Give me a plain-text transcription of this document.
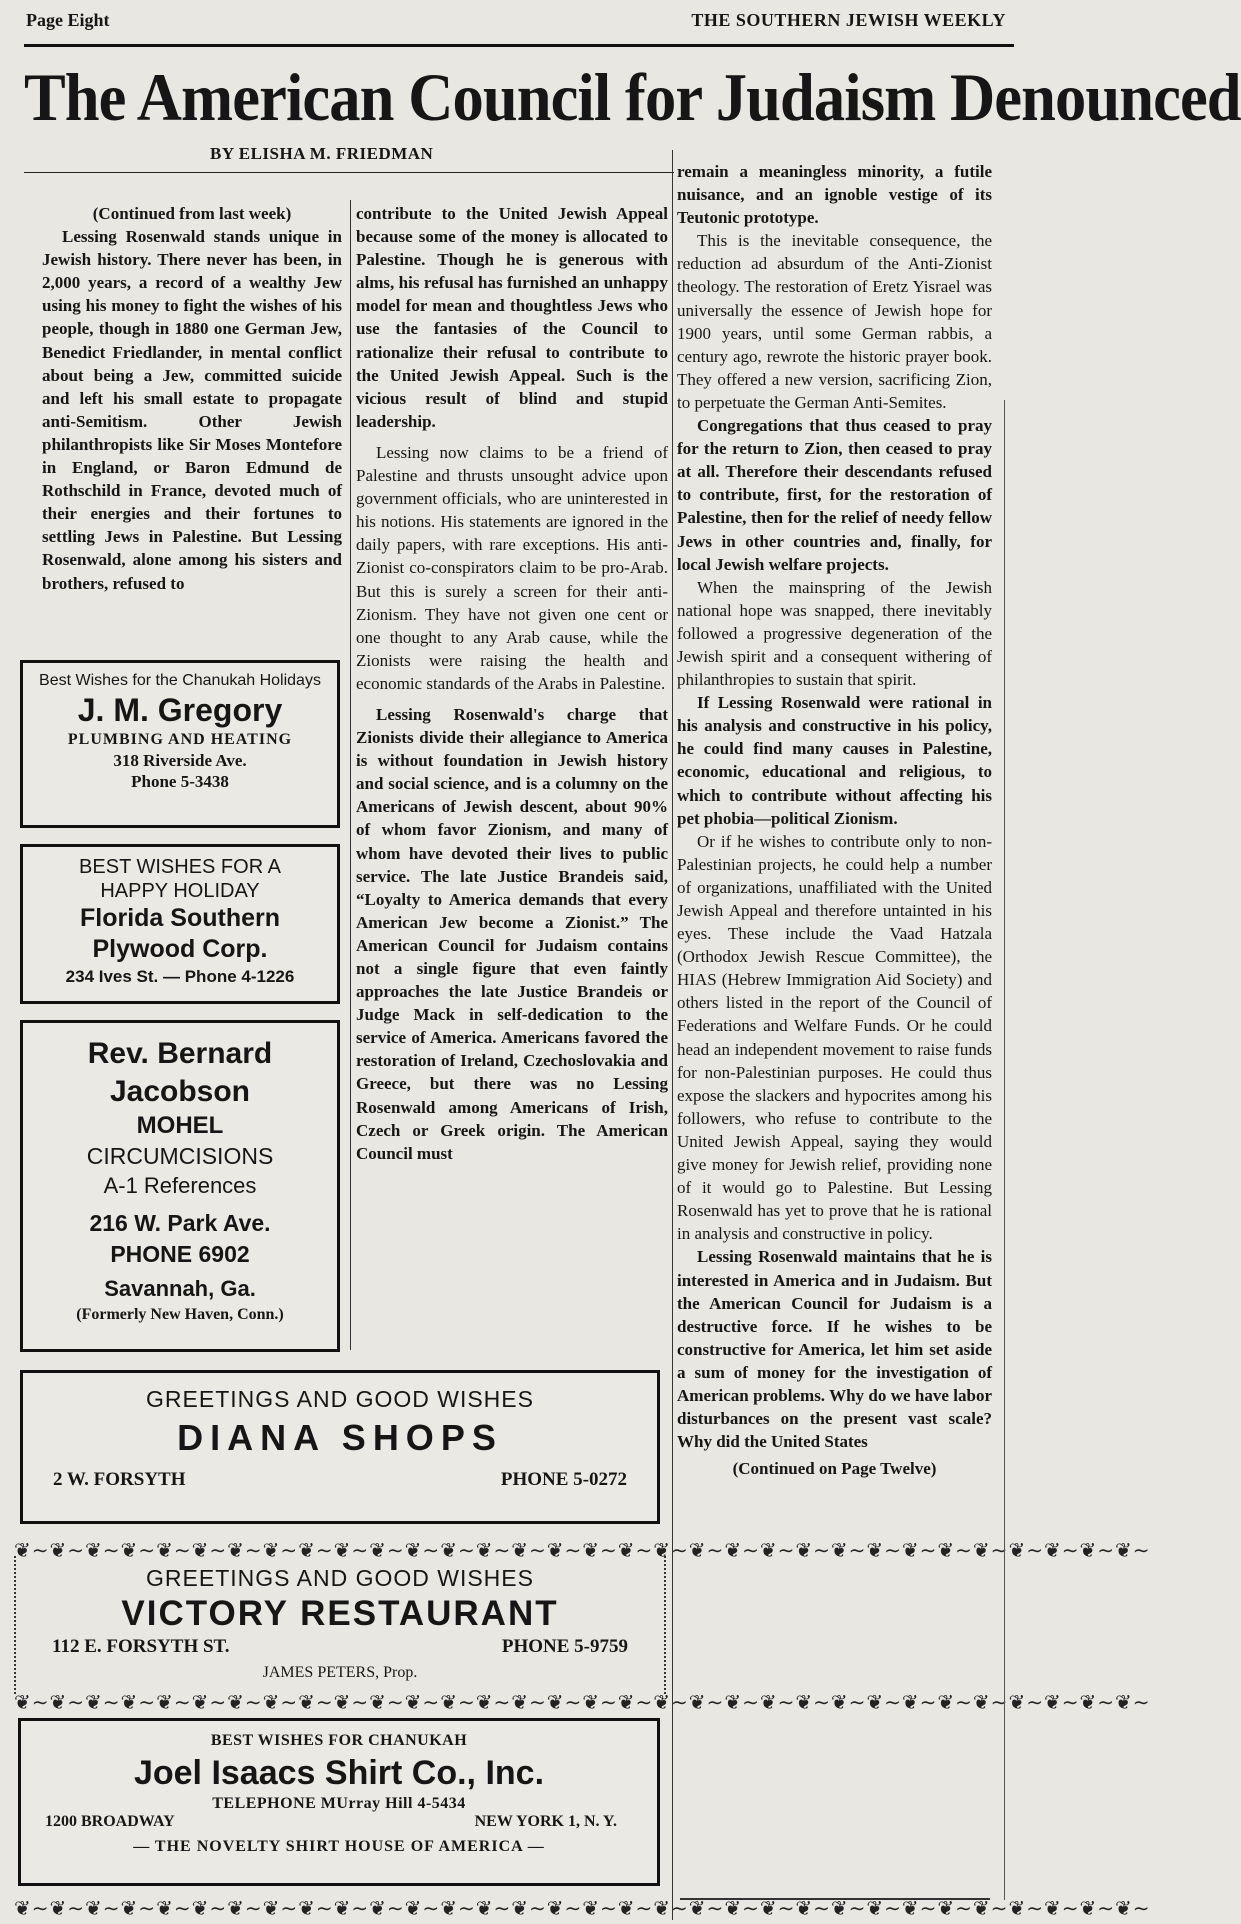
Page Eight	THE SOUTHERN JEWISH WEEKLY
The American Council for Judaism Denounced
BY ELISHA M. FRIEDMAN

(Continued from last week)

Lessing Rosenwald stands unique in Jewish history. There never has been, in 2,000 years, a record of a wealthy Jew using his money to fight the wishes of his people, though in 1880 one German Jew, Benedict Friedlander, in mental conflict about being a Jew, committed suicide and left his small estate to propagate anti-Semitism. Other Jewish philanthropists like Sir Moses Montefore in England, or Baron Edmund de Rothschild in France, devoted much of their energies and their fortunes to settling Jews in Palestine. But Lessing Rosenwald, alone among his sisters and brothers, refused to

contribute to the United Jewish Appeal because some of the money is allocated to Palestine. Though he is generous with alms, his refusal has furnished an unhappy model for mean and thoughtless Jews who use the fantasies of the Council to rationalize their refusal to contribute to the United Jewish Appeal. Such is the vicious result of blind and stupid leadership.

Lessing now claims to be a friend of Palestine and thrusts unsought advice upon government officials, who are uninterested in his notions. His statements are ignored in the daily papers, with rare exceptions. His anti-Zionist co-conspirators claim to be pro-Arab. But this is surely a screen for their anti-Zionism. They have not given one cent or one thought to any Arab cause, while the Zionists were raising the health and economic standards of the Arabs in Palestine.

Lessing Rosenwald's charge that Zionists divide their allegiance to America is without foundation in Jewish history and social science, and is a columny on the Americans of Jewish descent, about 90% of whom favor Zionism, and many of whom have devoted their lives to public service. The late Justice Brandeis said, “Loyalty to America demands that every American Jew become a Zionist.” The American Council for Judaism contains not a single figure that even faintly approaches the late Justice Brandeis or Judge Mack in self-dedication to the service of America. Americans favored the restoration of Ireland, Czechoslovakia and Greece, but there was no Lessing Rosenwald among Americans of Irish, Czech or Greek origin. The American Council must

remain a meaningless minority, a futile nuisance, and an ignoble vestige of its Teutonic prototype.

This is the inevitable consequence, the reduction ad absurdum of the Anti-Zionist theology. The restoration of Eretz Yisrael was universally the essence of Jewish hope for 1900 years, until some German rabbis, a century ago, rewrote the historic prayer book. They offered a new version, sacrificing Zion, to perpetuate the German Anti-Semites.

Congregations that thus ceased to pray for the return to Zion, then ceased to pray at all. Therefore their descendants refused to contribute, first, for the restoration of Palestine, then for the relief of needy fellow Jews in other countries and, finally, for local Jewish welfare projects.

When the mainspring of the Jewish national hope was snapped, there inevitably followed a progressive degeneration of the Jewish spirit and a consequent withering of philanthropies to sustain that spirit.

If Lessing Rosenwald were rational in his analysis and constructive in his policy, he could find many causes in Palestine, economic, educational and religious, to which to contribute without affecting his pet phobia—political Zionism.

Or if he wishes to contribute only to non-Palestinian projects, he could help a number of organizations, unaffiliated with the United Jewish Appeal and therefore untainted in his eyes. These include the Vaad Hatzala (Orthodox Jewish Rescue Committee), the HIAS (Hebrew Immigration Aid Society) and others listed in the report of the Council of Federations and Welfare Funds. Or he could head an independent movement to raise funds for non-Palestinian purposes. He could thus expose the slackers and hypocrites among his followers, who refuse to contribute to the United Jewish Appeal, saying they would give money for Jewish relief, providing none of it would go to Palestine. But Lessing Rosenwald has yet to prove that he is rational in analysis and constructive in policy.

Lessing Rosenwald maintains that he is interested in America and in Judaism. But the American Council for Judaism is a destructive force. If he wishes to be constructive for America, let him set aside a sum of money for the investigation of American problems. Why do we have labor disturbances on the present vast scale? Why did the United States

(Continued on Page Twelve)

Best Wishes for the Chanukah Holidays
J. M. Gregory
PLUMBING AND HEATING
318 Riverside Ave.
Phone 5-3438
BEST WISHES FOR A
HAPPY HOLIDAY
Florida Southern
Plywood Corp.
234 Ives St. — Phone 4-1226
Rev. Bernard
Jacobson
MOHEL
CIRCUMCISIONS
A-1 References
216 W. Park Ave.
PHONE 6902
Savannah, Ga.
(Formerly New Haven, Conn.)
GREETINGS AND GOOD WISHES
DIANA SHOPS
2 W. FORSYTH	PHONE 5-0272
❦∼❦∼❦∼❦∼❦∼❦∼❦∼❦∼❦∼❦∼❦∼❦∼❦∼❦∼❦∼❦∼❦∼❦∼❦∼❦∼❦∼❦∼❦∼❦∼❦∼❦∼❦∼❦∼❦∼❦∼❦∼❦∼
GREETINGS AND GOOD WISHES
VICTORY RESTAURANT
112 E. FORSYTH ST.	PHONE 5-9759
JAMES PETERS, Prop.
❦∼❦∼❦∼❦∼❦∼❦∼❦∼❦∼❦∼❦∼❦∼❦∼❦∼❦∼❦∼❦∼❦∼❦∼❦∼❦∼❦∼❦∼❦∼❦∼❦∼❦∼❦∼❦∼❦∼❦∼❦∼❦∼
BEST WISHES FOR CHANUKAH
Joel Isaacs Shirt Co., Inc.
TELEPHONE MUrray Hill 4-5434
1200 BROADWAY	NEW YORK 1, N. Y.
— THE NOVELTY SHIRT HOUSE OF AMERICA —
❦∼❦∼❦∼❦∼❦∼❦∼❦∼❦∼❦∼❦∼❦∼❦∼❦∼❦∼❦∼❦∼❦∼❦∼❦∼❦∼❦∼❦∼❦∼❦∼❦∼❦∼❦∼❦∼❦∼❦∼❦∼❦∼
